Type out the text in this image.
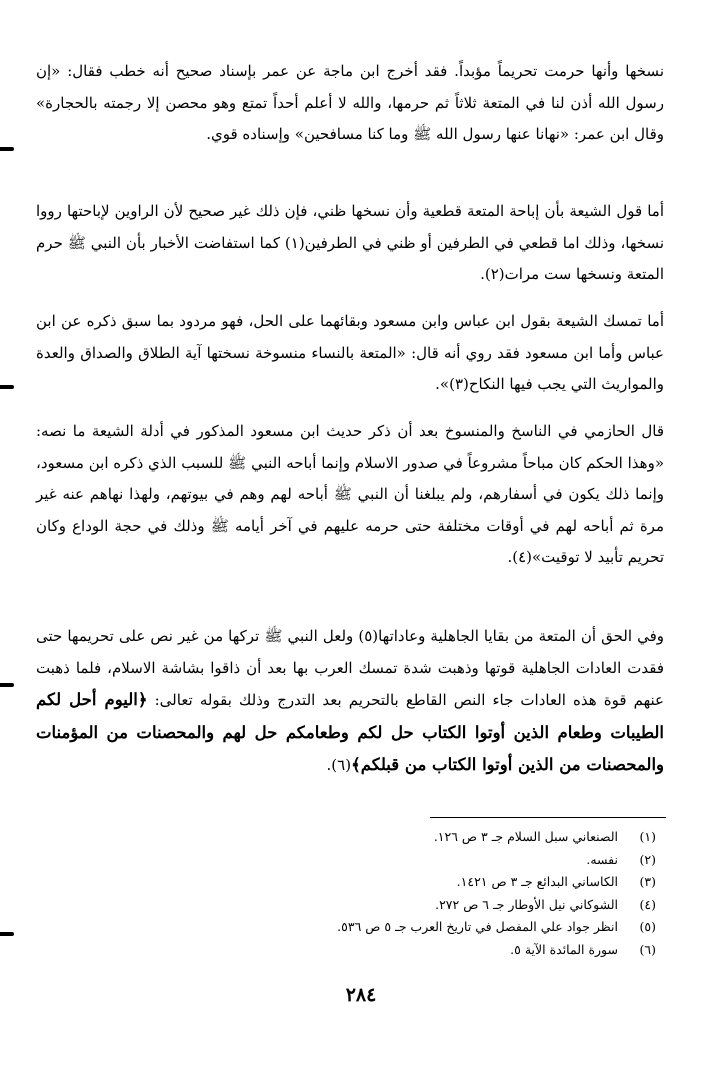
نسخها وأنها حرمت تحريماً مؤبداً. فقد أخرج ابن ماجة عن عمر بإسناد صحيح أنه خطب فقال: «إن رسول الله أذن لنا في المتعة ثلاثاً ثم حرمها، والله لا أعلم أحداً تمتع وهو محصن إلا رجمته بالحجارة» وقال ابن عمر: «نهانا عنها رسول الله ﷺ وما كنا مسافحين» وإسناده قوي.
أما قول الشيعة بأن إباحة المتعة قطعية وأن نسخها ظني، فإن ذلك غير صحيح لأن الراوين لإباحتها رووا نسخها، وذلك اما قطعي في الطرفين أو ظني في الطرفين(١) كما استفاضت الأخبار بأن النبي ﷺ حرم المتعة ونسخها ست مرات(٢).
أما تمسك الشيعة بقول ابن عباس وابن مسعود وبقائهما على الحل، فهو مردود بما سبق ذكره عن ابن عباس وأما ابن مسعود فقد روي أنه قال: «المتعة بالنساء منسوخة نسختها آية الطلاق والصداق والعدة والمواريث التي يجب فيها النكاح(٣)».
قال الحازمي في الناسخ والمنسوخ بعد أن ذكر حديث ابن مسعود المذكور في أدلة الشيعة ما نصه: «وهذا الحكم كان مباحاً مشروعاً في صدور الاسلام وإنما أباحه النبي ﷺ للسبب الذي ذكره ابن مسعود، وإنما ذلك يكون في أسفارهم، ولم يبلغنا أن النبي ﷺ أباحه لهم وهم في بيوتهم، ولهذا نهاهم عنه غير مرة ثم أباحه لهم في أوقات مختلفة حتى حرمه عليهم في آخر أيامه ﷺ وذلك في حجة الوداع وكان تحريم تأبيد لا توقيت»(٤).
وفي الحق أن المتعة من بقايا الجاهلية وعاداتها(٥) ولعل النبي ﷺ تركها من غير نص على تحريمها حتى فقدت العادات الجاهلية قوتها وذهبت شدة تمسك العرب بها بعد أن ذاقوا بشاشة الاسلام، فلما ذهبت عنهم قوة هذه العادات جاء النص القاطع بالتحريم بعد التدرج وذلك بقوله تعالى: ﴿اليوم أحل لكم الطيبات وطعام الذين أوتوا الكتاب حل لكم وطعامكم حل لهم والمحصنات من المؤمنات والمحصنات من الذين أوتوا الكتاب من قبلكم﴾(٦).
(١)
الصنعاني سبل السلام جـ ٣ ص ١٢٦.
(٢)
نفسه.
(٣)
الكاساني البدائع جـ ٣ ص ١٤٢١.
(٤)
الشوكاني نيل الأوطار جـ ٦ ص ٢٧٢.
(٥)
انظر جواد علي المفصل في تاريخ العرب جـ ٥ ص ٥٣٦.
(٦)
سورة المائدة الآية ٥.
٢٨٤
